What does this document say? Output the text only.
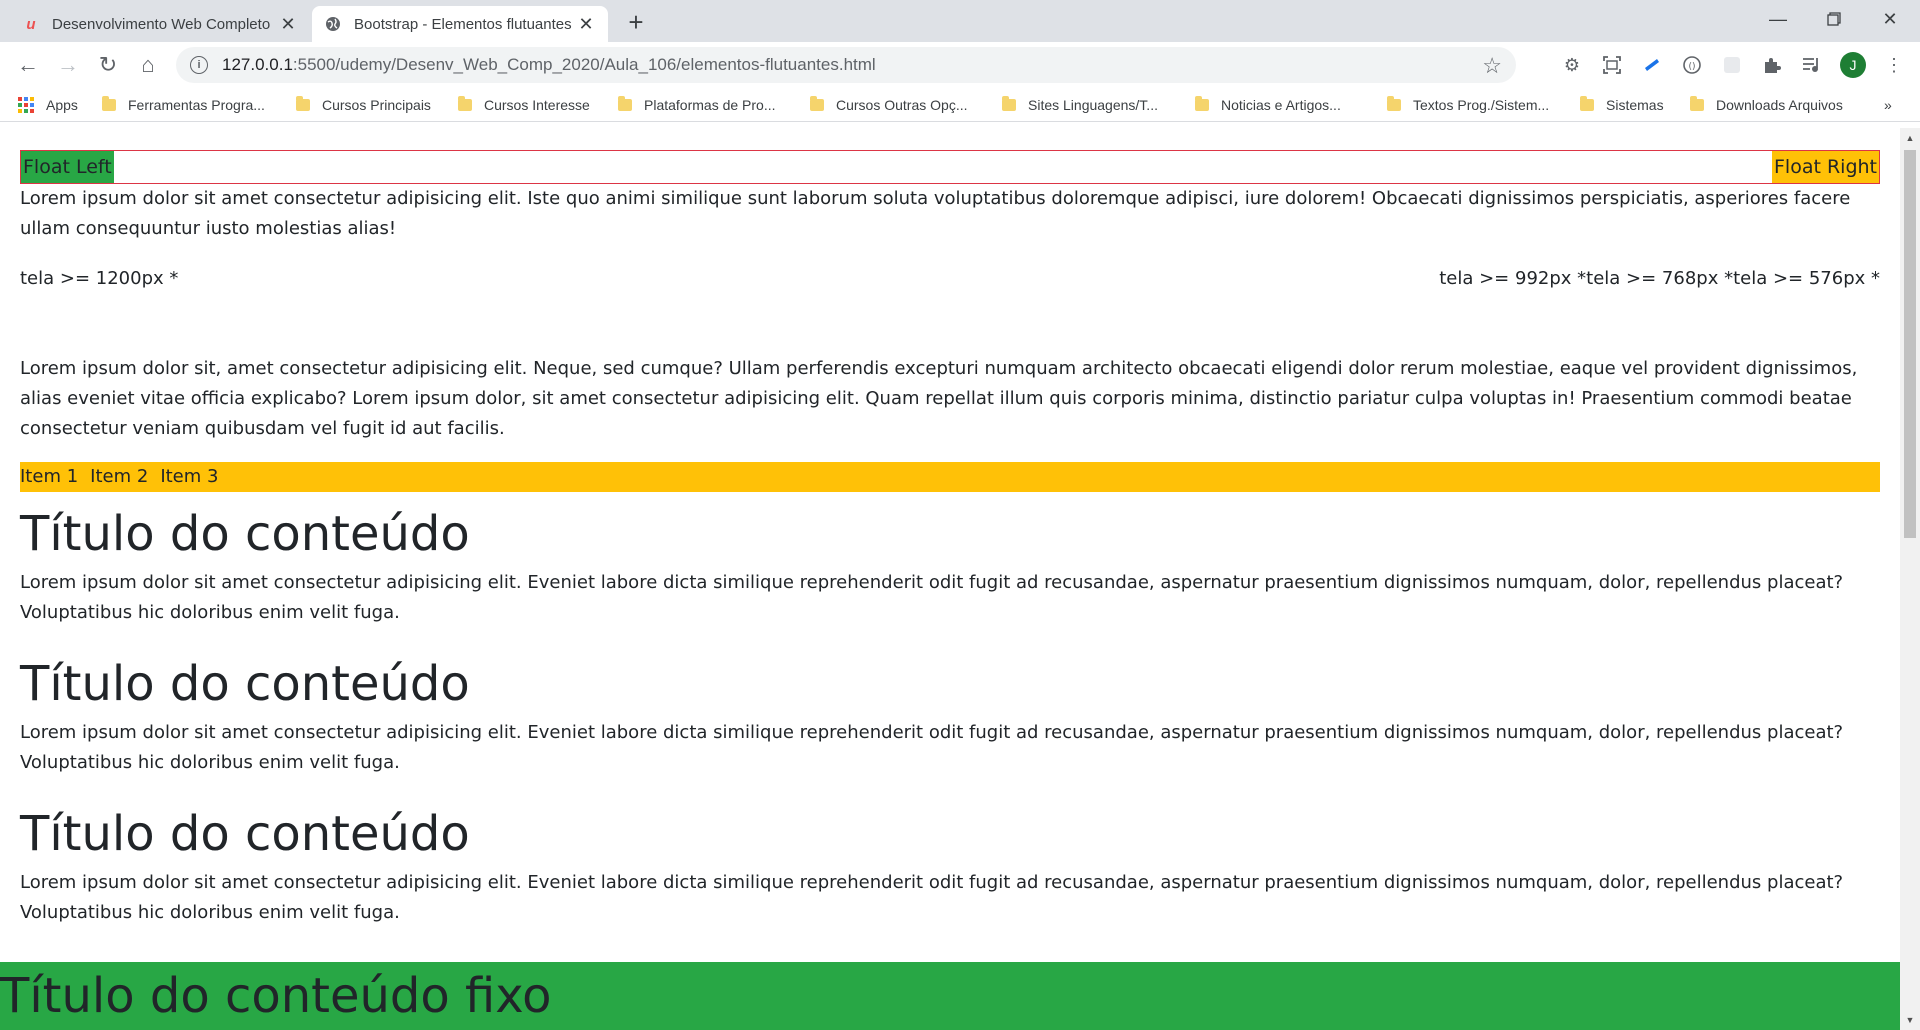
u Desenvolvimento Web Completo ✕	Bootstrap - Elementos flutuantes ✕ +	—	✕
← → ↻	⌂	i	127.0.0.1 :5500/udemy/Desenv_Web_Comp_2020/Aula_106/elementos-flutuantes.html	☆	⚙	()	J	⋮
Apps	Ferramentas Progra...	Cursos Principais	Cursos Interesse	Plataformas de Pro...	Cursos Outras Opç...	Sites Linguagens/T...	Noticias e Artigos...	Textos Prog./Sistem...	Sistemas	Downloads Arquivos	»
Float Left	Float Right

Lorem ipsum dolor sit amet consectetur adipisicing elit. Iste quo animi similique sunt laborum soluta voluptatibus doloremque adipisci, iure dolorem! Obcaecati dignissimos perspiciatis, asperiores facere ullam consequuntur iusto molestias alias!

tela >= 1200px *	tela >= 992px *tela >= 768px *tela >= 576px *

Lorem ipsum dolor sit, amet consectetur adipisicing elit. Neque, sed cumque? Ullam perferendis excepturi numquam architecto obcaecati eligendi dolor rerum molestiae, eaque vel provident dignissimos, alias eveniet vitae officia explicabo? Lorem ipsum dolor, sit amet consectetur adipisicing elit. Quam repellat illum quis corporis minima, distinctio pariatur culpa voluptas in! Praesentium commodi beatae consectetur veniam quibusdam vel fugit id aut facilis.

Item 1 Item 2 Item 3
Título do conteúdo

Lorem ipsum dolor sit amet consectetur adipisicing elit. Eveniet labore dicta similique reprehenderit odit fugit ad recusandae, aspernatur praesentium dignissimos numquam, dolor, repellendus placeat? Voluptatibus hic doloribus enim velit fuga.

Título do conteúdo

Lorem ipsum dolor sit amet consectetur adipisicing elit. Eveniet labore dicta similique reprehenderit odit fugit ad recusandae, aspernatur praesentium dignissimos numquam, dolor, repellendus placeat? Voluptatibus hic doloribus enim velit fuga.

Título do conteúdo

Lorem ipsum dolor sit amet consectetur adipisicing elit. Eveniet labore dicta similique reprehenderit odit fugit ad recusandae, aspernatur praesentium dignissimos numquam, dolor, repellendus placeat? Voluptatibus hic doloribus enim velit fuga.

Título do conteúdo fixo
▲
▼
